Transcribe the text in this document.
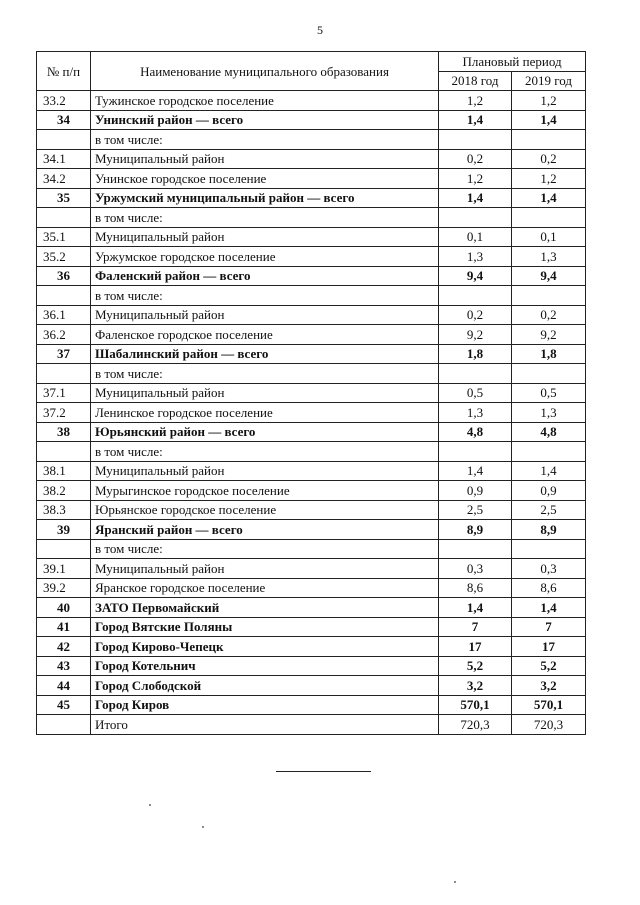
5
№ п/п	Наименование муниципального образования	Плановый период	
		2018 год	2019 год
33.2	Тужинское городское поселение	1,2	1,2
34	Унинский район — всего	1,4	1,4
	в том числе:		
34.1	Муниципальный район	0,2	0,2
34.2	Унинское городское поселение	1,2	1,2
35	Уржумский муниципальный район — всего	1,4	1,4
	в том числе:		
35.1	Муниципальный район	0,1	0,1
35.2	Уржумское городское поселение	1,3	1,3
36	Фаленский район — всего	9,4	9,4
	в том числе:		
36.1	Муниципальный район	0,2	0,2
36.2	Фаленское городское поселение	9,2	9,2
37	Шабалинский район — всего	1,8	1,8
	в том числе:		
37.1	Муниципальный район	0,5	0,5
37.2	Ленинское городское поселение	1,3	1,3
38	Юрьянский район — всего	4,8	4,8
	в том числе:		
38.1	Муниципальный район	1,4	1,4
38.2	Мурыгинское городское поселение	0,9	0,9
38.3	Юрьянское городское поселение	2,5	2,5
39	Яранский район — всего	8,9	8,9
	в том числе:		
39.1	Муниципальный район	0,3	0,3
39.2	Яранское городское поселение	8,6	8,6
40	ЗАТО Первомайский	1,4	1,4
41	Город Вятские Поляны	7	7
42	Город Кирово-Чепецк	17	17
43	Город Котельнич	5,2	5,2
44	Город Слободской	3,2	3,2
45	Город Киров	570,1	570,1
	Итого	720,3	720,3
